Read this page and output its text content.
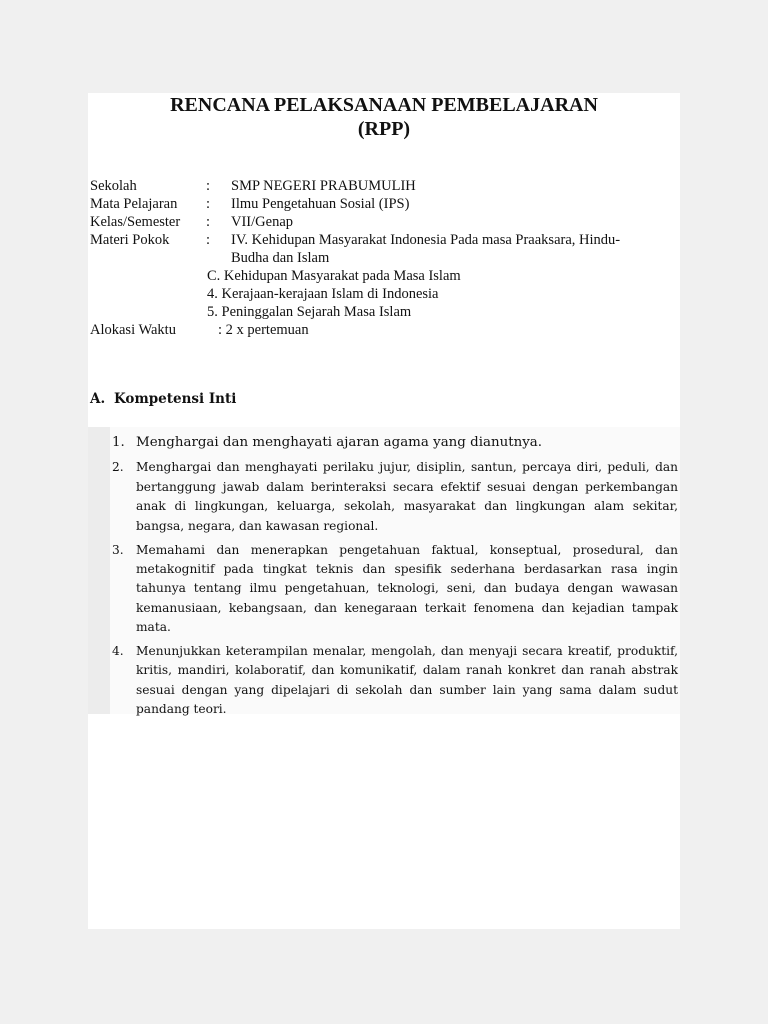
RENCANA PELAKSANAAN PEMBELAJARAN
(RPP)
Sekolah	: SMP NEGERI PRABUMULIH
Mata Pelajaran : Ilmu Pengetahuan Sosial (IPS)
Kelas/Semester : VII/Genap
Materi Pokok	: IV. Kehidupan Masyarakat Indonesia Pada masa Praaksara, Hindu-Budha dan Islam
C. Kehidupan Masyarakat pada Masa Islam
4. Kerajaan-kerajaan Islam di Indonesia
5. Peninggalan Sejarah Masa Islam
Alokasi Waktu	: 2 x pertemuan
A. Kompetensi Inti
1. Menghargai dan menghayati ajaran agama yang dianutnya.
2. Menghargai dan menghayati perilaku jujur, disiplin, santun, percaya diri, peduli, dan bertanggung jawab dalam berinteraksi secara efektif sesuai dengan perkembangan anak di lingkungan, keluarga, sekolah, masyarakat dan lingkungan alam sekitar, bangsa, negara, dan kawasan regional.
3. Memahami dan menerapkan pengetahuan faktual, konseptual, prosedural, dan metakognitif pada tingkat teknis dan spesifik sederhana berdasarkan rasa ingin tahunya tentang ilmu pengetahuan, teknologi, seni, dan budaya dengan wawasan kemanusiaan, kebangsaan, dan kenegaraan terkait fenomena dan kejadian tampak mata.
4. Menunjukkan keterampilan menalar, mengolah, dan menyaji secara kreatif, produktif, kritis, mandiri, kolaboratif, dan komunikatif, dalam ranah konkret dan ranah abstrak sesuai dengan yang dipelajari di sekolah dan sumber lain yang sama dalam sudut pandang teori.
